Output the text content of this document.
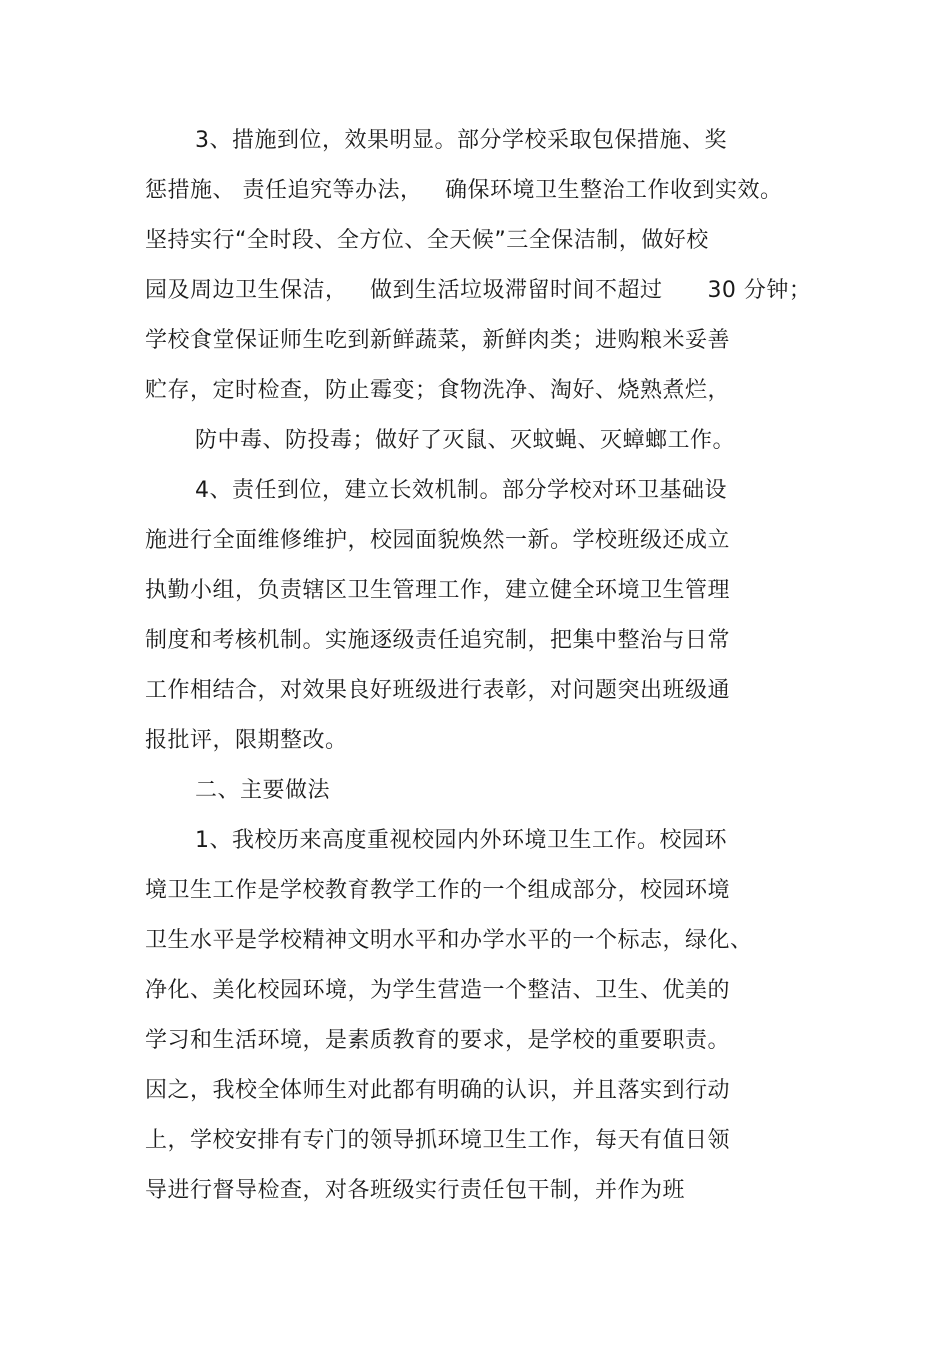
3、措施到位，效果明显。部分学校采取包保措施、奖
惩措施、 责任追究等办法，   确保环境卫生整治工作收到实效。
坚持实行“全时段、全方位、全天候”三全保洁制，做好校
园及周边卫生保洁，   做到生活垃圾滞留时间不超过      30 分钟；
学校食堂保证师生吃到新鲜蔬菜，新鲜肉类；进购粮米妥善
贮存，定时检查，防止霉变；食物洗净、淘好、烧熟煮烂，
防中毒、防投毒；做好了灭鼠、灭蚊蝇、灭蟑螂工作。
4、责任到位，建立长效机制。部分学校对环卫基础设
施进行全面维修维护，校园面貌焕然一新。学校班级还成立
执勤小组，负责辖区卫生管理工作，建立健全环境卫生管理
制度和考核机制。实施逐级责任追究制，把集中整治与日常
工作相结合，对效果良好班级进行表彰，对问题突出班级通
报批评，限期整改。
二、主要做法
1、我校历来高度重视校园内外环境卫生工作。校园环
境卫生工作是学校教育教学工作的一个组成部分，校园环境
卫生水平是学校精神文明水平和办学水平的一个标志，绿化、
净化、美化校园环境，为学生营造一个整洁、卫生、优美的
学习和生活环境，是素质教育的要求，是学校的重要职责。
因之，我校全体师生对此都有明确的认识，并且落实到行动
上，学校安排有专门的领导抓环境卫生工作，每天有值日领
导进行督导检查，对各班级实行责任包干制，并作为班
